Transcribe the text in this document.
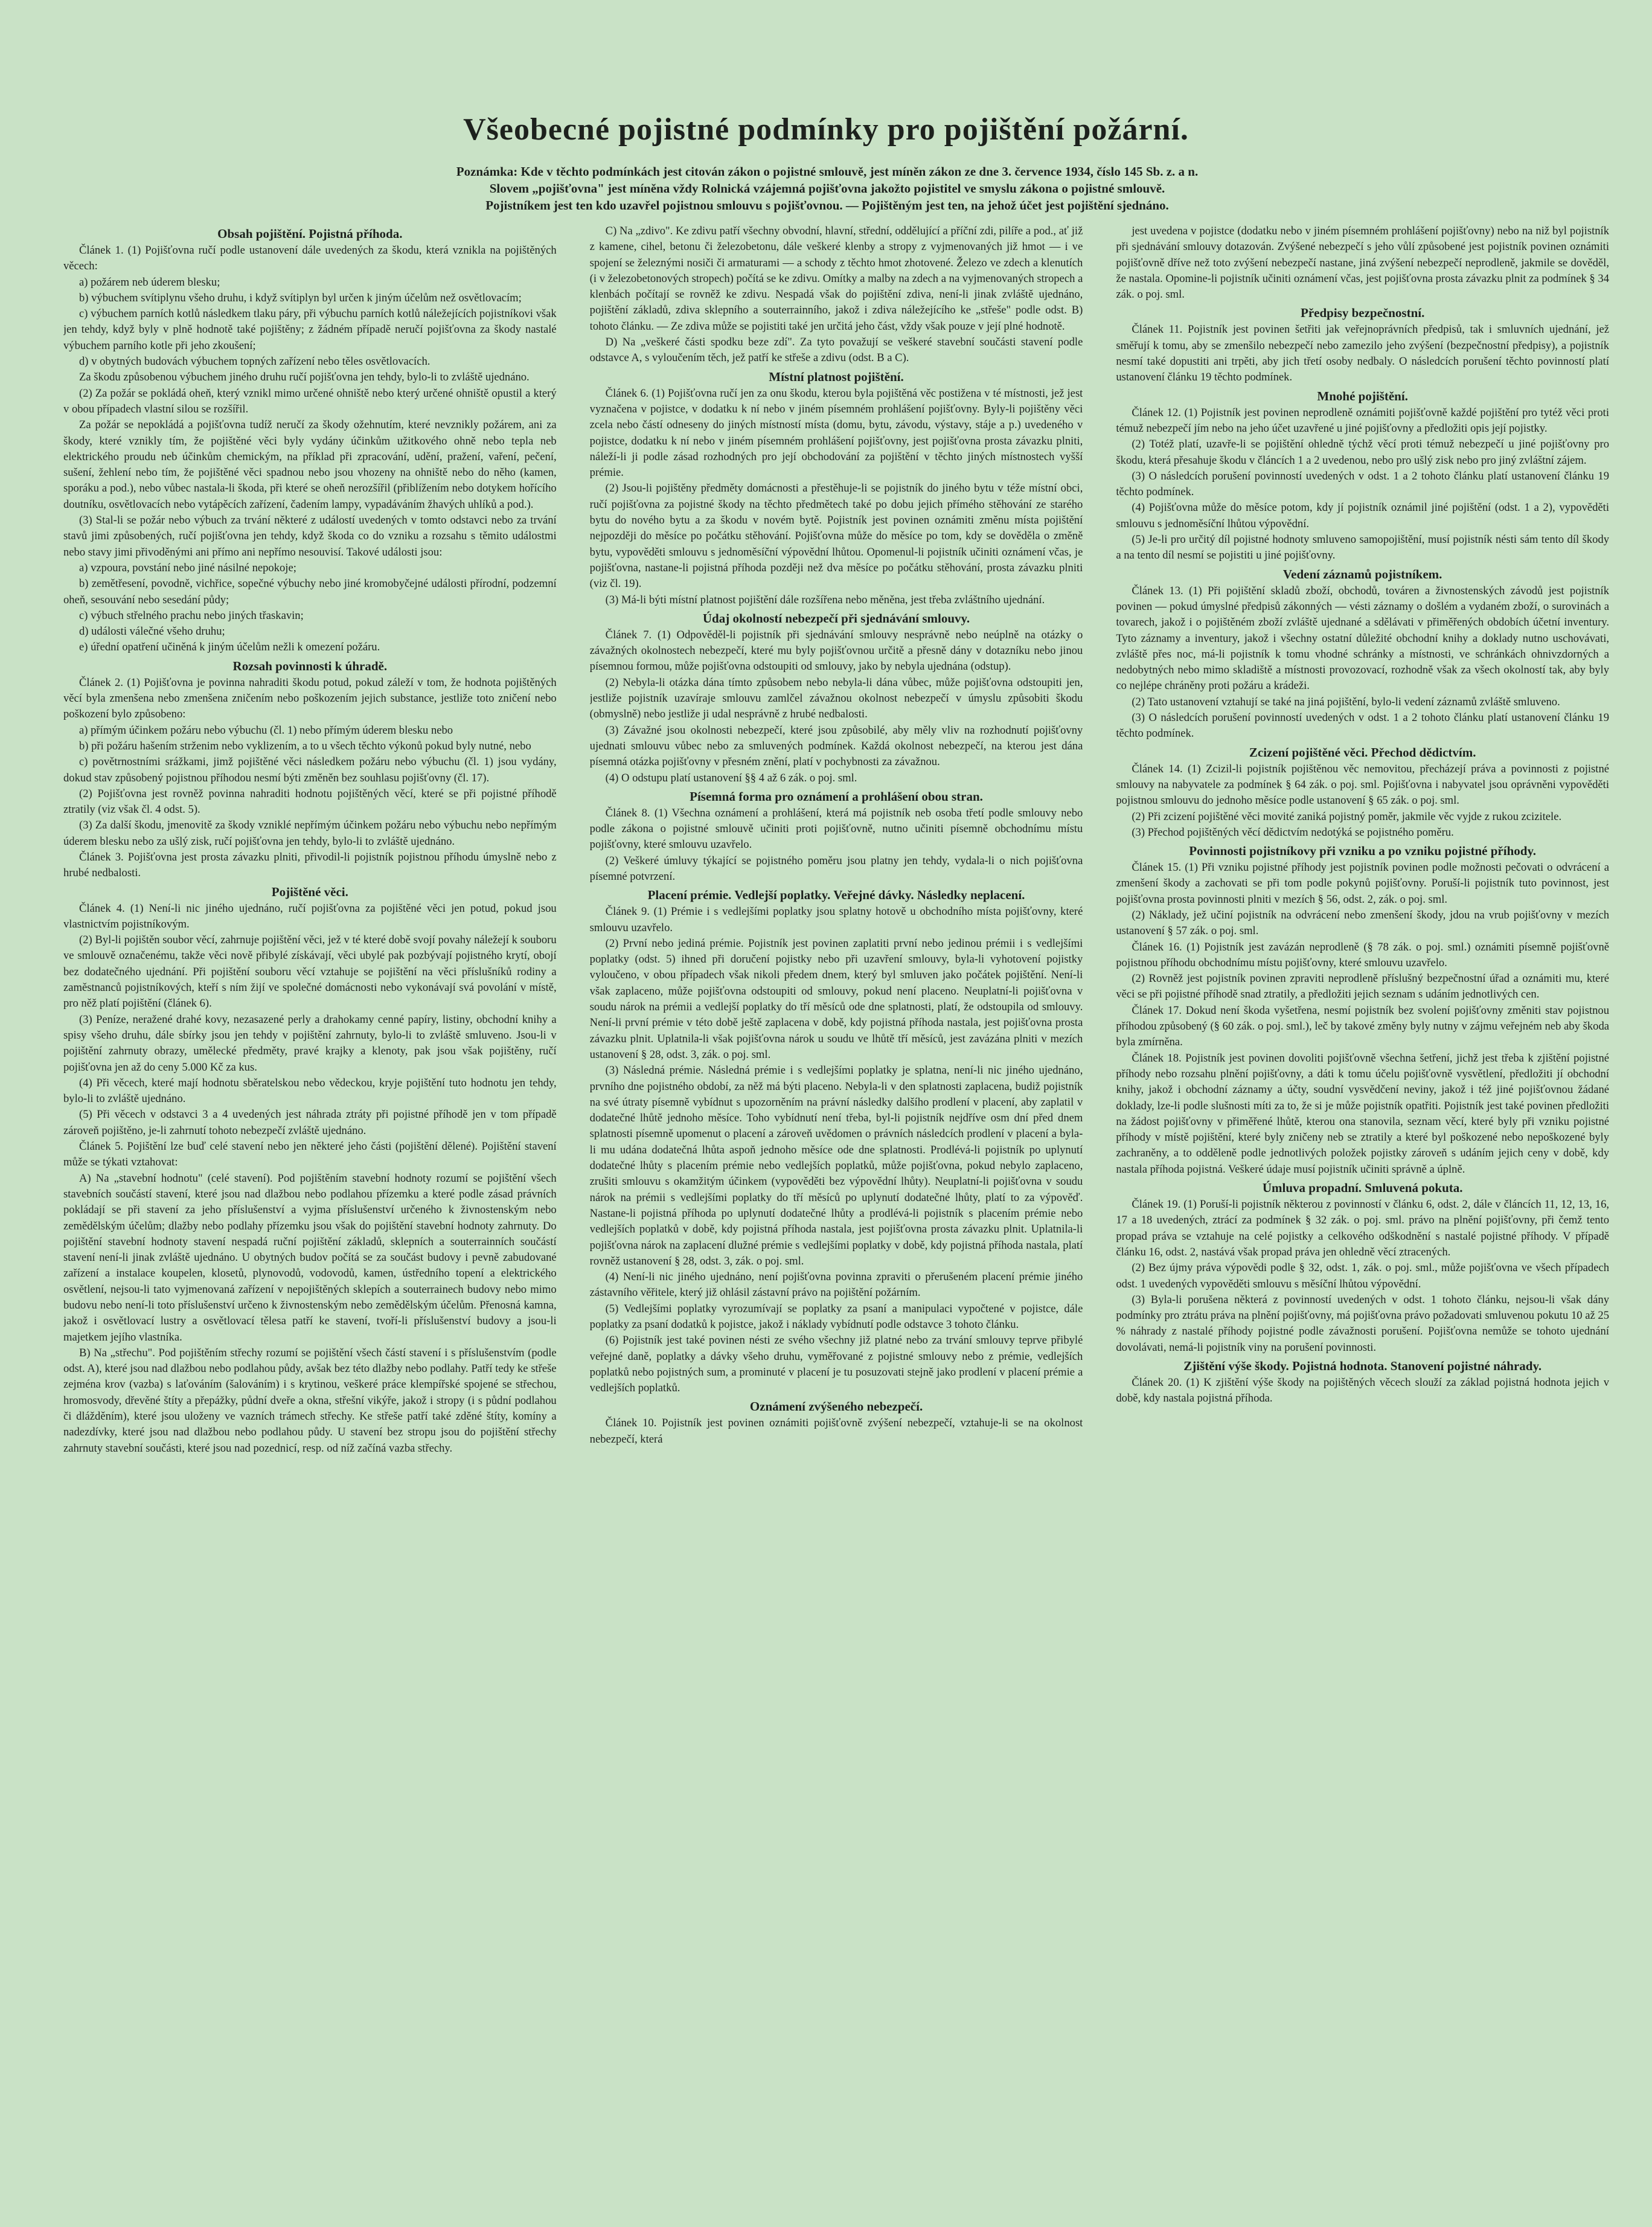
Všeobecné pojistné podmínky pro pojištění požární.

Poznámka: Kde v těchto podmínkách jest citován zákon o pojistné smlouvě, jest míněn zákon ze dne 3. července 1934, číslo 145 Sb. z. a n.

Slovem „pojišťovna" jest míněna vždy Rolnická vzájemná pojišťovna jakožto pojistitel ve smyslu zákona o pojistné smlouvě.

Pojistníkem jest ten kdo uzavřel pojistnou smlouvu s pojišťovnou. — Pojištěným jest ten, na jehož účet jest pojištění sjednáno.

Obsah pojištění. Pojistná příhoda.

Článek 1. (1) Pojišťovna ručí podle ustanovení dále uvedených za škodu, která vznikla na pojištěných věcech:

a) požárem neb úderem blesku;

b) výbuchem svítiplynu všeho druhu, i když svítiplyn byl určen k jiným účelům než osvětlovacím;

c) výbuchem parních kotlů následkem tlaku páry, při výbuchu parních kotlů náležejících pojistníkovi však jen tehdy, když byly v plně hodnotě také pojištěny; z žádném případě neručí pojišťovna za škody nastalé výbuchem parního kotle při jeho zkoušení;

d) v obytných budovách výbuchem topných zařízení nebo těles osvětlovacích.

Za škodu způsobenou výbuchem jiného druhu ručí pojišťovna jen tehdy, bylo-li to zvláště ujednáno.

(2) Za požár se pokládá oheň, který vznikl mimo určené ohniště nebo který určené ohniště opustil a který v obou případech vlastní silou se rozšířil.

Za požár se nepokládá a pojišťovna tudíž neručí za škody ožehnutím, které nevznikly požárem, ani za škody, které vznikly tím, že pojištěné věci byly vydány účinkům užitkového ohně nebo tepla neb elektrického proudu neb účinkům chemickým, na příklad při zpracování, udění, pražení, vaření, pečení, sušení, žehlení nebo tím, že pojištěné věci spadnou nebo jsou vhozeny na ohniště nebo do něho (kamen, sporáku a pod.), nebo vůbec nastala-li škoda, při které se oheň nerozšířil (přiblížením nebo dotykem hořícího doutníku, osvětlovacích nebo vytápěcích zařízení, čadením lampy, vypadáváním žhavých uhlíků a pod.).

(3) Stal-li se požár nebo výbuch za trvání některé z událostí uvedených v tomto odstavci nebo za trvání stavů jimi způsobených, ručí pojišťovna jen tehdy, když škoda co do vzniku a rozsahu s těmito událostmi nebo stavy jimi přivoděnými ani přímo ani nepřímo nesouvisí. Takové události jsou:

a) vzpoura, povstání nebo jiné násilné nepokoje;

b) zemětřesení, povodně, vichřice, sopečné výbuchy nebo jiné kromobyčejné události přírodní, podzemní oheň, sesouvání nebo sesedání půdy;

c) výbuch střelného prachu nebo jiných třaskavin;

d) události válečné všeho druhu;

e) úřední opatření učiněná k jiným účelům nežli k omezení požáru.

Rozsah povinnosti k úhradě.

Článek 2. (1) Pojišťovna je povinna nahraditi škodu potud, pokud záleží v tom, že hodnota pojištěných věcí byla zmenšena nebo zmenšena zničením nebo poškozením jejich substance, jestliže toto zničení nebo poškození bylo způsobeno:

a) přímým účinkem požáru nebo výbuchu (čl. 1) nebo přímým úderem blesku nebo

b) při požáru hašením strženim nebo vyklizením, a to u všech těchto výkonů pokud byly nutné, nebo

c) povětrnostními srážkami, jimž pojištěné věci následkem požáru nebo výbuchu (čl. 1) jsou vydány, dokud stav způsobený pojistnou příhodou nesmí býti změněn bez souhlasu pojišťovny (čl. 17).

(2) Pojišťovna jest rovněž povinna nahraditi hodnotu pojištěných věcí, které se při pojistné příhodě ztratily (viz však čl. 4 odst. 5).

(3) Za další škodu, jmenovitě za škody vzniklé nepřímým účinkem požáru nebo výbuchu nebo nepřímým úderem blesku nebo za ušlý zisk, ručí pojišťovna jen tehdy, bylo-li to zvláště ujednáno.

Článek 3. Pojišťovna jest prosta závazku plniti, přivodil-li pojistník pojistnou příhodu úmyslně nebo z hrubé nedbalosti.

Pojištěné věci.

Článek 4. (1) Není-li nic jiného ujednáno, ručí pojišťovna za pojištěné věci jen potud, pokud jsou vlastnictvím pojistníkovým.

(2) Byl-li pojištěn soubor věcí, zahrnuje pojištění věci, jež v té které době svojí povahy náležejí k souboru ve smlouvě označenému, takže věci nově přibylé získávají, věci ubylé pak pozbývají pojistného krytí, obojí bez dodatečného ujednání. Při pojištění souboru věcí vztahuje se pojištění na věci příslušníků rodiny a zaměstnanců pojistníkových, kteří s ním žijí ve společné domácnosti nebo vykonávají svá povolání v místě, pro něž platí pojištění (článek 6).

(3) Peníze, neražené drahé kovy, nezasazené perly a drahokamy cenné papíry, listiny, obchodní knihy a spisy všeho druhu, dále sbírky jsou jen tehdy v pojištění zahrnuty, bylo-li to zvláště smluveno. Jsou-li v pojištění zahrnuty obrazy, umělecké předměty, pravé krajky a klenoty, pak jsou však pojištěny, ručí pojišťovna jen až do ceny 5.000 Kč za kus.

(4) Při věcech, které mají hodnotu sběratelskou nebo vědeckou, kryje pojištění tuto hodnotu jen tehdy, bylo-li to zvláště ujednáno.

(5) Při věcech v odstavci 3 a 4 uvedených jest náhrada ztráty při pojistné příhodě jen v tom případě zároveň pojištěno, je-li zahrnutí tohoto nebezpečí zvláště ujednáno.

Článek 5. Pojištění lze buď celé stavení nebo jen některé jeho části (pojištění dělené). Pojištění stavení může se týkati vztahovat:

A) Na „stavební hodnotu" (celé stavení). Pod pojištěním stavební hodnoty rozumí se pojištění všech stavebních součástí stavení, které jsou nad dlažbou nebo podlahou přízemku a které podle zásad právních pokládají se při stavení za jeho příslušenství a vyjma příslušenství určeného k živnostenským nebo zemědělským účelům; dlažby nebo podlahy přízemku jsou však do pojištění stavební hodnoty zahrnuty. Do pojištění stavební hodnoty stavení nespadá ruční pojištění základů, sklepních a souterrainních součástí stavení není-li jinak zvláště ujednáno. U obytných budov počítá se za součást budovy i pevně zabudované zařízení a instalace koupelen, klosetů, plynovodů, vodovodů, kamen, ústředního topení a elektrického osvětlení, nejsou-li tato vyjmenovaná zařízení v nepojištěných sklepích a souterrainech budovy nebo mimo budovu nebo není-li toto příslušenství určeno k živnostenským nebo zemědělským účelům. Přenosná kamna, jakož i osvětlovací lustry a osvětlovací tělesa patří ke stavení, tvoří-li příslušenství budovy a jsou-li majetkem jejího vlastníka.

B) Na „střechu". Pod pojištěním střechy rozumí se pojištění všech částí stavení i s příslušenstvím (podle odst. A), které jsou nad dlažbou nebo podlahou půdy, avšak bez této dlažby nebo podlahy. Patří tedy ke střeše zejména krov (vazba) s laťováním (šalováním) i s krytinou, veškeré práce klempířské spojené se střechou, hromosvody, dřevěné štíty a přepážky, půdní dveře a okna, střešní vikýře, jakož i stropy (i s půdní podlahou či dlážděním), které jsou uloženy ve vazních trámech střechy. Ke střeše patří také zděné štíty, komíny a nadezdívky, které jsou nad dlažbou nebo podlahou půdy. U stavení bez stropu jsou do pojištění střechy zahrnuty stavební součásti, které jsou nad pozednicí, resp. od níž začíná vazba střechy.

C) Na „zdivo". Ke zdivu patří všechny obvodní, hlavní, střední, oddělující a příční zdi, pilíře a pod., ať již z kamene, cihel, betonu či železobetonu, dále veškeré klenby a stropy z vyjmenovaných již hmot — i ve spojení se železnými nosiči či armaturami — a schody z těchto hmot zhotovené. Železo ve zdech a klenutích (i v železobetonových stropech) počítá se ke zdivu. Omítky a malby na zdech a na vyjmenovaných stropech a klenbách počítají se rovněž ke zdivu. Nespadá však do pojištění zdiva, není-li jinak zvláště ujednáno, pojištění základů, zdiva sklepního a souterrainního, jakož i zdiva náležejícího ke „střeše" podle odst. B) tohoto článku. — Ze zdiva může se pojistiti také jen určitá jeho část, vždy však pouze v její plné hodnotě.

D) Na „veškeré části spodku beze zdí". Za tyto považují se veškeré stavební součásti stavení podle odstavce A, s vyloučením těch, jež patří ke střeše a zdivu (odst. B a C).

Místní platnost pojištění.

Článek 6. (1) Pojišťovna ručí jen za onu škodu, kterou byla pojištěná věc postižena v té místnosti, jež jest vyznačena v pojistce, v dodatku k ní nebo v jiném písemném prohlášení pojišťovny. Byly-li pojištěny věci zcela nebo částí odneseny do jiných místností místa (domu, bytu, závodu, výstavy, stáje a p.) uvedeného v pojistce, dodatku k ní nebo v jiném písemném prohlášení pojišťovny, jest pojišťovna prosta závazku plniti, náleží-li ji podle zásad rozhodných pro její obchodování za pojištění v těchto jiných místnostech vyšší prémie.

(2) Jsou-li pojištěny předměty domácnosti a přestěhuje-li se pojistník do jiného bytu v téže místní obci, ručí pojišťovna za pojistné škody na těchto předmětech také po dobu jejich přímého stěhování ze starého bytu do nového bytu a za škodu v novém bytě. Pojistník jest povinen oznámiti změnu místa pojištění nejpozději do měsíce po počátku stěhování. Pojišťovna může do měsíce po tom, kdy se dověděla o změně bytu, vypověděti smlouvu s jednoměsíční výpovědní lhůtou. Opomenul-li pojistník učiniti oznámení včas, je pojišťovna, nastane-li pojistná příhoda později než dva měsíce po počátku stěhování, prosta závazku plniti (viz čl. 19).

(3) Má-li býti místní platnost pojištění dále rozšířena nebo měněna, jest třeba zvláštního ujednání.

Údaj okolností nebezpečí při sjednávání smlouvy.

Článek 7. (1) Odpověděl-li pojistník při sjednávání smlouvy nesprávně nebo neúplně na otázky o závažných okolnostech nebezpečí, které mu byly pojišťovnou určitě a přesně dány v dotazníku nebo jinou písemnou formou, může pojišťovna odstoupiti od smlouvy, jako by nebyla ujednána (odstup).

(2) Nebyla-li otázka dána tímto způsobem nebo nebyla-li dána vůbec, může pojišťovna odstoupiti jen, jestliže pojistník uzavíraje smlouvu zamlčel závažnou okolnost nebezpečí v úmyslu způsobiti škodu (obmyslně) nebo jestliže ji udal nesprávně z hrubé nedbalosti.

(3) Závažné jsou okolnosti nebezpečí, které jsou způsobilé, aby měly vliv na rozhodnutí pojišťovny ujednati smlouvu vůbec nebo za smluvených podmínek. Každá okolnost nebezpečí, na kterou jest dána písemná otázka pojišťovny v přesném znění, platí v pochybnosti za závažnou.

(4) O odstupu platí ustanovení §§ 4 až 6 zák. o poj. sml.

Písemná forma pro oznámení a prohlášení obou stran.

Článek 8. (1) Všechna oznámení a prohlášení, která má pojistník neb osoba třetí podle smlouvy nebo podle zákona o pojistné smlouvě učiniti proti pojišťovně, nutno učiniti písemně obchodnímu místu pojišťovny, které smlouvu uzavřelo.

(2) Veškeré úmluvy týkající se pojistného poměru jsou platny jen tehdy, vydala-li o nich pojišťovna písemné potvrzení.

Placení prémie. Vedlejší poplatky. Veřejné dávky. Následky neplacení.

Článek 9. (1) Prémie i s vedlejšími poplatky jsou splatny hotově u obchodního místa pojišťovny, které smlouvu uzavřelo.

(2) První nebo jediná prémie. Pojistník jest povinen zaplatiti první nebo jedinou prémii i s vedlejšími poplatky (odst. 5) ihned při doručení pojistky nebo při uzavření smlouvy, byla-li vyhotovení pojistky vyloučeno, v obou případech však nikoli předem dnem, který byl smluven jako počátek pojištění. Není-li však zaplaceno, může pojišťovna odstoupiti od smlouvy, pokud není placeno. Neuplatní-li pojišťovna v soudu nárok na prémii a vedlejší poplatky do tří měsíců ode dne splatnosti, platí, že odstoupila od smlouvy. Není-li první prémie v této době ještě zaplacena v době, kdy pojistná příhoda nastala, jest pojišťovna prosta závazku plnit. Uplatnila-li však pojišťovna nárok u soudu ve lhůtě tří měsíců, jest zavázána plniti v mezích ustanovení § 28, odst. 3, zák. o poj. sml.

(3) Následná prémie. Následná prémie i s vedlejšími poplatky je splatna, není-li nic jiného ujednáno, prvního dne pojistného období, za něž má býti placeno. Nebyla-li v den splatnosti zaplacena, budiž pojistník na své útraty písemně vybídnut s upozorněním na právní následky dalšího prodlení v placení, aby zaplatil v dodatečné lhůtě jednoho měsíce. Toho vybídnutí není třeba, byl-li pojistník nejdříve osm dní před dnem splatnosti písemně upomenut o placení a zároveň uvědomen o právních následcích prodlení v placení a byla-li mu udána dodatečná lhůta aspoň jednoho měsíce ode dne splatnosti. Prodlévá-li pojistník po uplynutí dodatečné lhůty s placením prémie nebo vedlejších poplatků, může pojišťovna, pokud nebylo zaplaceno, zrušiti smlouvu s okamžitým účinkem (vypověděti bez výpovědní lhůty). Neuplatní-li pojišťovna v soudu nárok na prémii s vedlejšími poplatky do tří měsíců po uplynutí dodatečné lhůty, platí to za výpověď. Nastane-li pojistná příhoda po uplynutí dodatečné lhůty a prodlévá-li pojistník s placením prémie nebo vedlejších poplatků v době, kdy pojistná příhoda nastala, jest pojišťovna prosta závazku plnit. Uplatnila-li pojišťovna nárok na zaplacení dlužné prémie s vedlejšími poplatky v době, kdy pojistná příhoda nastala, platí rovněž ustanovení § 28, odst. 3, zák. o poj. sml.

(4) Není-li nic jiného ujednáno, není pojišťovna povinna zpraviti o přerušeném placení prémie jiného zástavního věřitele, který již ohlásil zástavní právo na pojištění požárním.

(5) Vedlejšími poplatky vyrozumívají se poplatky za psaní a manipulaci vypočtené v pojistce, dále poplatky za psaní dodatků k pojistce, jakož i náklady vybídnutí podle odstavce 3 tohoto článku.

(6) Pojistník jest také povinen nésti ze svého všechny již platné nebo za trvání smlouvy teprve přibylé veřejné daně, poplatky a dávky všeho druhu, vyměřované z pojistné smlouvy nebo z prémie, vedlejších poplatků nebo pojistných sum, a prominuté v placení je tu posuzovati stejně jako prodlení v placení prémie a vedlejších poplatků.

Oznámení zvýšeného nebezpečí.

Článek 10. Pojistník jest povinen oznámiti pojišťovně zvýšení nebezpečí, vztahuje-li se na okolnost nebezpečí, která

jest uvedena v pojistce (dodatku nebo v jiném písemném prohlášení pojišťovny) nebo na niž byl pojistník při sjednávání smlouvy dotazován. Zvýšené nebezpečí s jeho vůlí způsobené jest pojistník povinen oznámiti pojišťovně dříve než toto zvýšení nebezpečí nastane, jiná zvýšení nebezpečí neprodleně, jakmile se dověděl, že nastala. Opomine-li pojistník učiniti oznámení včas, jest pojišťovna prosta závazku plnit za podmínek § 34 zák. o poj. sml.

Předpisy bezpečnostní.

Článek 11. Pojistník jest povinen šetřiti jak veřejnoprávních předpisů, tak i smluvních ujednání, jež směřují k tomu, aby se zmenšilo nebezpečí nebo zamezilo jeho zvýšení (bezpečnostní předpisy), a pojistník nesmí také dopustiti ani trpěti, aby jich třetí osoby nedbaly. O následcích porušení těchto povinností platí ustanovení článku 19 těchto podmínek.

Mnohé pojištění.

Článek 12. (1) Pojistník jest povinen neprodleně oznámiti pojišťovně každé pojištění pro tytéž věci proti témuž nebezpečí jím nebo na jeho účet uzavřené u jiné pojišťovny a předložiti opis její pojistky.

(2) Totéž platí, uzavře-li se pojištění ohledně týchž věcí proti témuž nebezpečí u jiné pojišťovny pro škodu, která přesahuje škodu v článcích 1 a 2 uvedenou, nebo pro ušlý zisk nebo pro jiný zvláštní zájem.

(3) O následcích porušení povinností uvedených v odst. 1 a 2 tohoto článku platí ustanovení článku 19 těchto podmínek.

(4) Pojišťovna může do měsíce potom, kdy jí pojistník oznámil jiné pojištění (odst. 1 a 2), vypověděti smlouvu s jednoměsíční lhůtou výpovědní.

(5) Je-li pro určitý díl pojistné hodnoty smluveno samopojištění, musí pojistník nésti sám tento díl škody a na tento díl nesmí se pojistiti u jiné pojišťovny.

Vedení záznamů pojistníkem.

Článek 13. (1) Při pojištění skladů zboží, obchodů, továren a živnostenských závodů jest pojistník povinen — pokud úmyslné předpisů zákonných — vésti záznamy o došlém a vydaném zboží, o surovinách a tovarech, jakož i o pojištěném zboží zvláště ujednané a sdělávati v přiměřených obdobích účetní inventury. Tyto záznamy a inventury, jakož i všechny ostatní důležité obchodní knihy a doklady nutno uschovávati, zvláště přes noc, má-li pojistník k tomu vhodné schránky a místnosti, ve schránkách ohnivzdorných a nedobytných nebo mimo skladiště a místnosti provozovací, rozhodně však za všech okolností tak, aby byly co nejlépe chráněny proti požáru a krádeži.

(2) Tato ustanovení vztahují se také na jiná pojištění, bylo-li vedení záznamů zvláště smluveno.

(3) O následcích porušení povinností uvedených v odst. 1 a 2 tohoto článku platí ustanovení článku 19 těchto podmínek.

Zcizení pojištěné věci. Přechod dědictvím.

Článek 14. (1) Zcizil-li pojistník pojištěnou věc nemovitou, přecházejí práva a povinnosti z pojistné smlouvy na nabyvatele za podmínek § 64 zák. o poj. sml. Pojišťovna i nabyvatel jsou oprávněni vypověděti pojistnou smlouvu do jednoho měsíce podle ustanovení § 65 zák. o poj. sml.

(2) Při zcizení pojištěné věci movité zaniká pojistný poměr, jakmile věc vyjde z rukou zcizitele.

(3) Přechod pojištěných věcí dědictvím nedotýká se pojistného poměru.

Povinnosti pojistníkovy při vzniku a po vzniku pojistné příhody.

Článek 15. (1) Při vzniku pojistné příhody jest pojistník povinen podle možnosti pečovati o odvrácení a zmenšení škody a zachovati se při tom podle pokynů pojišťovny. Poruší-li pojistník tuto povinnost, jest pojišťovna prosta povinnosti plniti v mezích § 56, odst. 2, zák. o poj. sml.

(2) Náklady, jež učiní pojistník na odvrácení nebo zmenšení škody, jdou na vrub pojišťovny v mezích ustanovení § 57 zák. o poj. sml.

Článek 16. (1) Pojistník jest zavázán neprodleně (§ 78 zák. o poj. sml.) oznámiti písemně pojišťovně pojistnou příhodu obchodnímu místu pojišťovny, které smlouvu uzavřelo.

(2) Rovněž jest pojistník povinen zpraviti neprodleně příslušný bezpečnostní úřad a oznámiti mu, které věci se při pojistné příhodě snad ztratily, a předložiti jejich seznam s udáním jednotlivých cen.

Článek 17. Dokud není škoda vyšetřena, nesmí pojistník bez svolení pojišťovny změniti stav pojistnou příhodou způsobený (§ 60 zák. o poj. sml.), leč by takové změny byly nutny v zájmu veřejném neb aby škoda byla zmírněna.

Článek 18. Pojistník jest povinen dovoliti pojišťovně všechna šetření, jichž jest třeba k zjištění pojistné příhody nebo rozsahu plnění pojišťovny, a dáti k tomu účelu pojišťovně vysvětlení, předložiti jí obchodní knihy, jakož i obchodní záznamy a účty, soudní vysvědčení neviny, jakož i též jiné pojišťovnou žádané doklady, lze-li podle slušnosti míti za to, že si je může pojistník opatřiti. Pojistník jest také povinen předložiti na žádost pojišťovny v přiměřené lhůtě, kterou ona stanovila, seznam věcí, které byly při vzniku pojistné příhody v místě pojištění, které byly zničeny neb se ztratily a které byl poškozené nebo nepoškozené byly zachraněny, a to odděleně podle jednotlivých položek pojistky zároveň s udáním jejich ceny v době, kdy nastala příhoda pojistná. Veškeré údaje musí pojistník učiniti správně a úplně.

Úmluva propadní. Smluvená pokuta.

Článek 19. (1) Poruší-li pojistník některou z povinností v článku 6, odst. 2, dále v článcích 11, 12, 13, 16, 17 a 18 uvedených, ztrácí za podmínek § 32 zák. o poj. sml. právo na plnění pojišťovny, při čemž tento propad práva se vztahuje na celé pojistky a celkového odškodnění s nastalé pojistné příhody. V případě článku 16, odst. 2, nastává však propad práva jen ohledně věcí ztracených.

(2) Bez újmy práva výpovědi podle § 32, odst. 1, zák. o poj. sml., může pojišťovna ve všech případech odst. 1 uvedených vypověděti smlouvu s měsíční lhůtou výpovědní.

(3) Byla-li porušena některá z povinností uvedených v odst. 1 tohoto článku, nejsou-li však dány podmínky pro ztrátu práva na plnění pojišťovny, má pojišťovna právo požadovati smluvenou pokutu 10 až 25 % náhrady z nastalé příhody pojistné podle závažnosti porušení. Pojišťovna nemůže se tohoto ujednání dovolávati, nemá-li pojistník viny na porušení povinnosti.

Zjištění výše škody. Pojistná hodnota. Stanovení pojistné náhrady.

Článek 20. (1) K zjištění výše škody na pojištěných věcech slouží za základ pojistná hodnota jejich v době, kdy nastala pojistná příhoda.
